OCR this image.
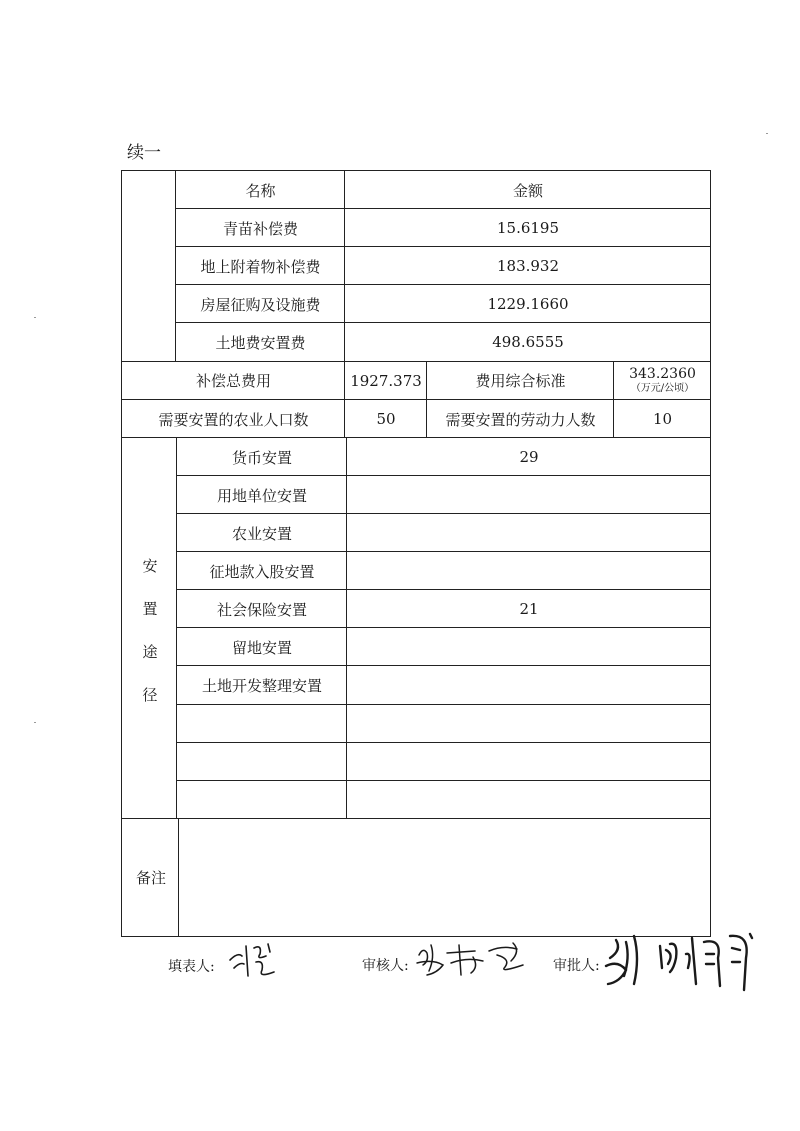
续一
名称	金额
青苗补偿费	15.6195
地上附着物补偿费	183.932
房屋征购及设施费	1229.1660
土地费安置费	498.6555
补偿总费用	1927.373	费用综合标准	343.2360
（万元/公顷）
需要安置的农业人口数	50	需要安置的劳动力人数	10
安
置
途
径
货币安置	29
用地单位安置
农业安置
征地款入股安置
社会保险安置	21
留地安置
土地开发整理安置
备注
填表人:	审核人:	审批人:
